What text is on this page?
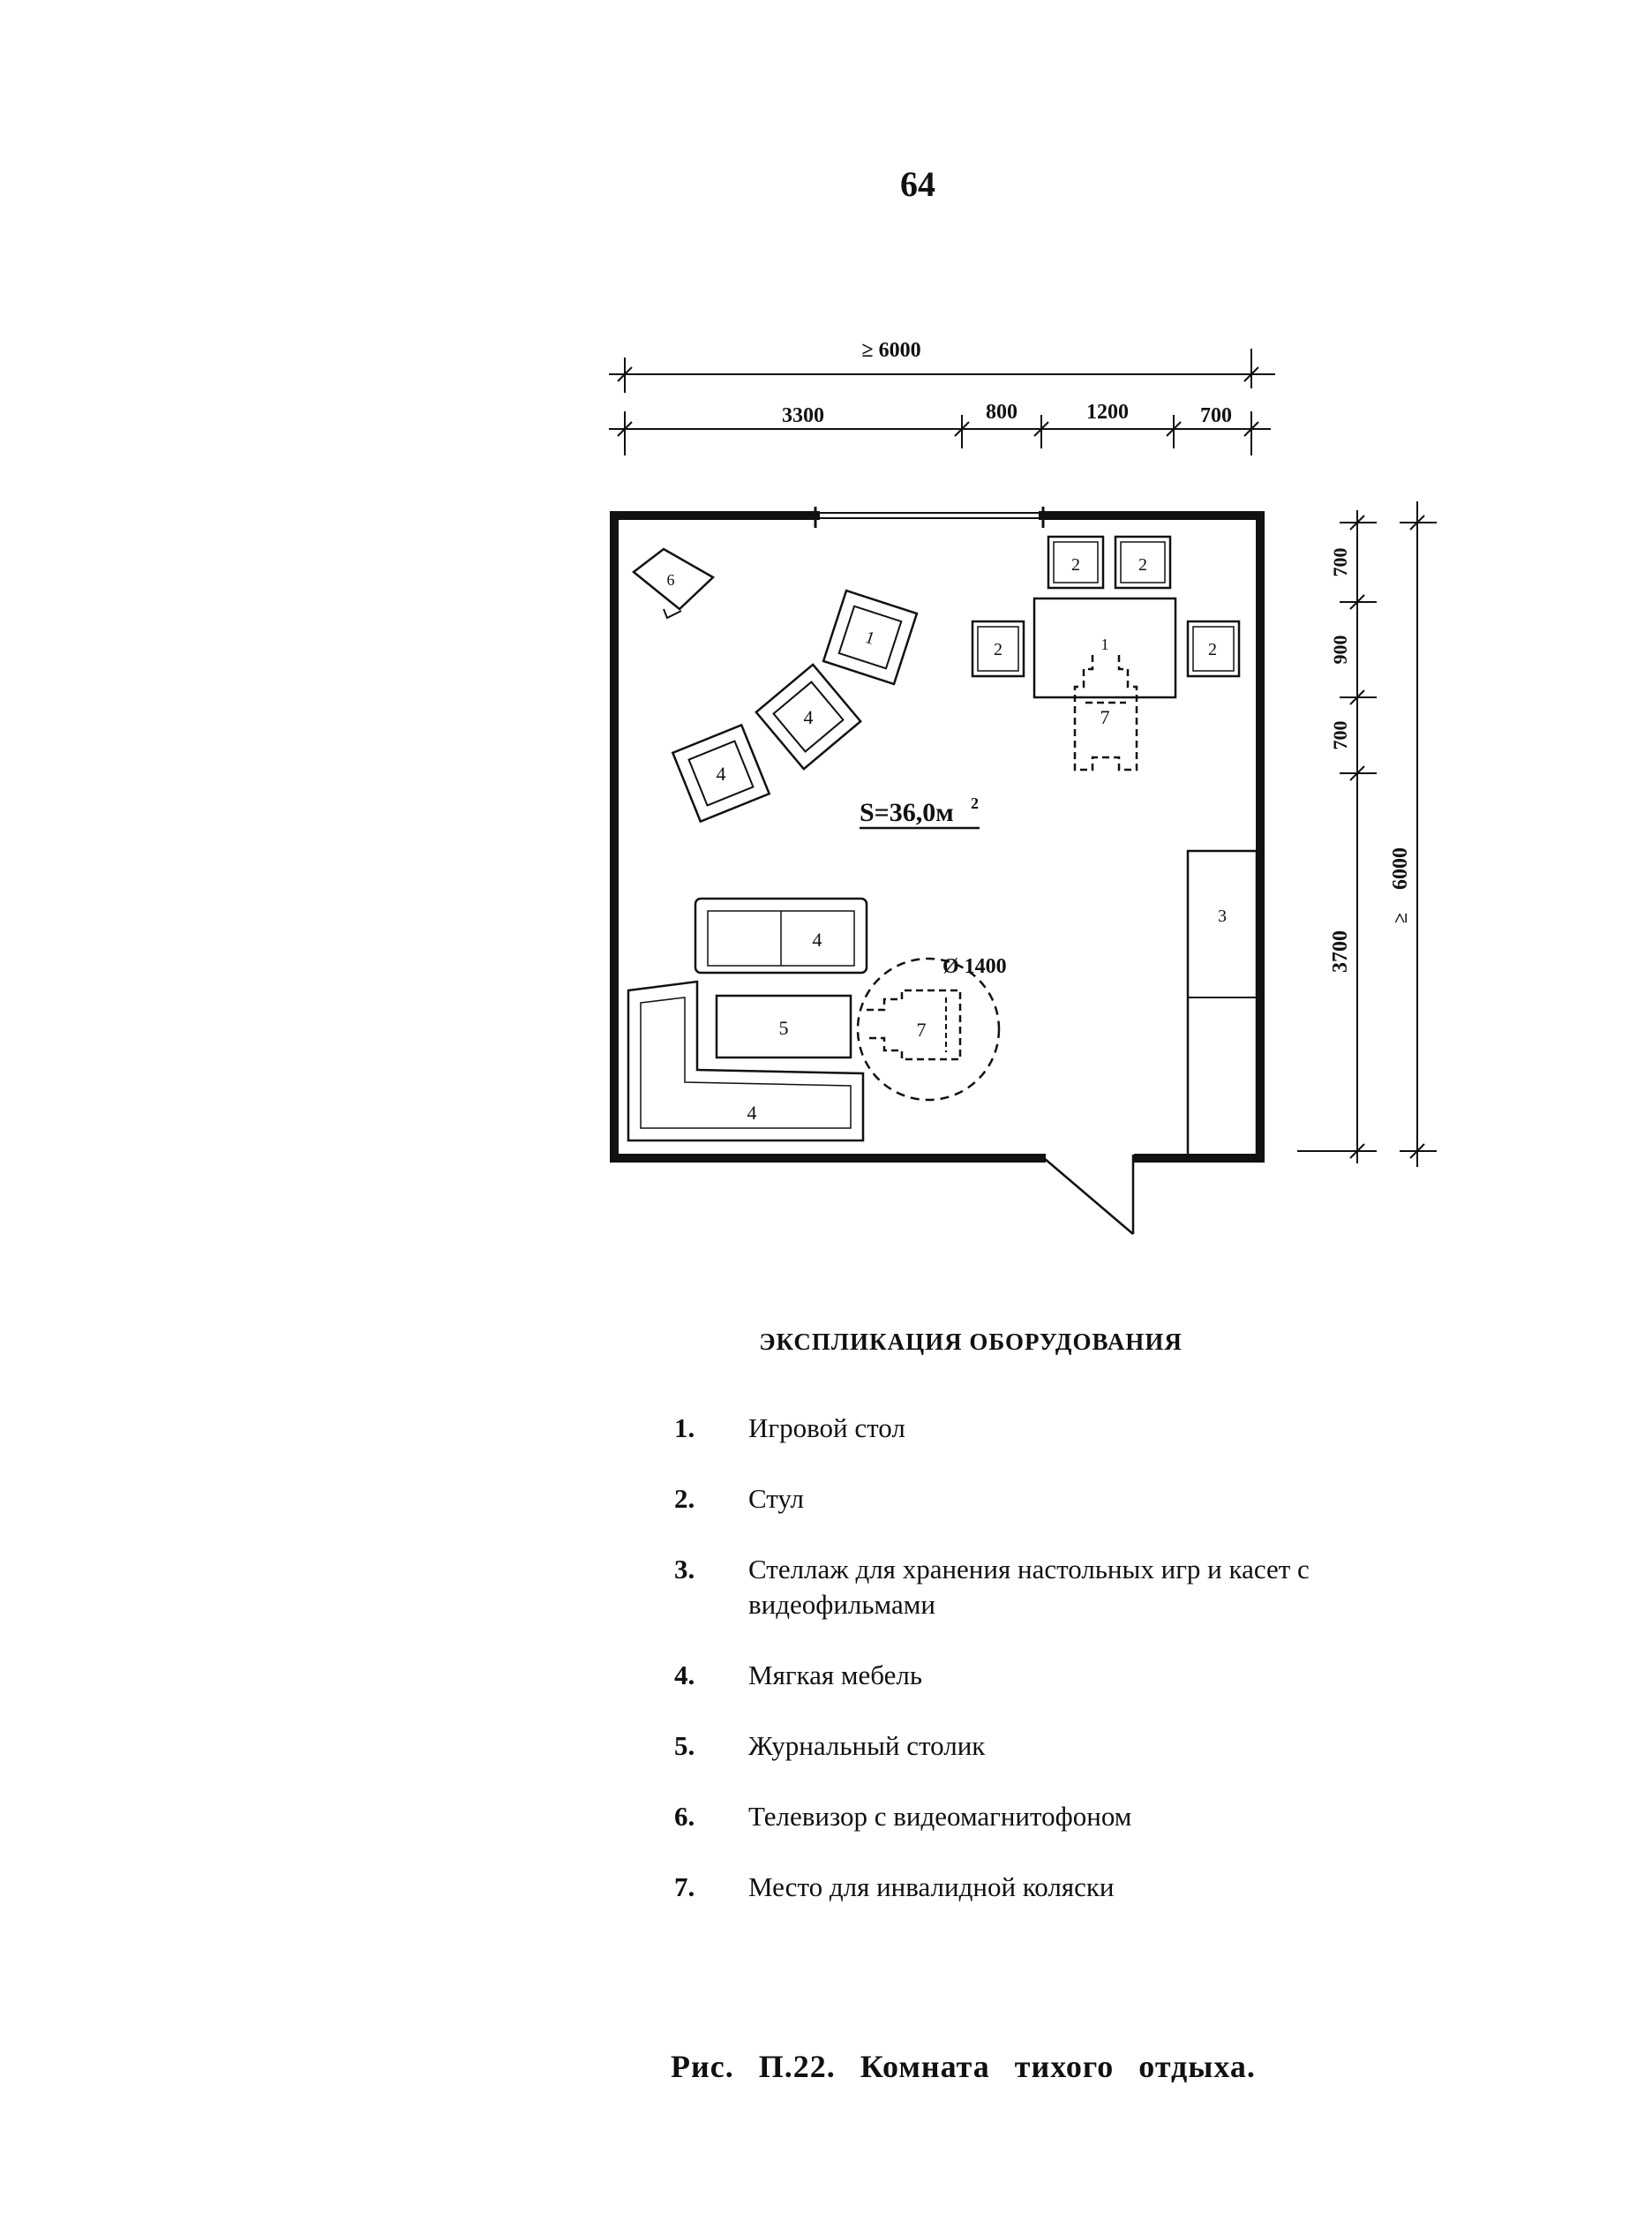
64
≥ 6000
3300	800	1200	700
700
900
700
3700
6000
≥
6
1
4
4
2	2
2	2
1
7
S=36,0м 2
3
4
4
5	7
Ø 1400
ЭКСПЛИКАЦИЯ ОБОРУДОВАНИЯ
1.	Игровой стол
2.	Стул
3.	Стеллаж для хранения настольных игр и касет с видеофильмами
4.	Мягкая мебель
5.	Журнальный столик
6.	Телевизор с видеомагнитофоном
7.	Место для инвалидной коляски
Рис. П.22. Комната тихого отдыха.
